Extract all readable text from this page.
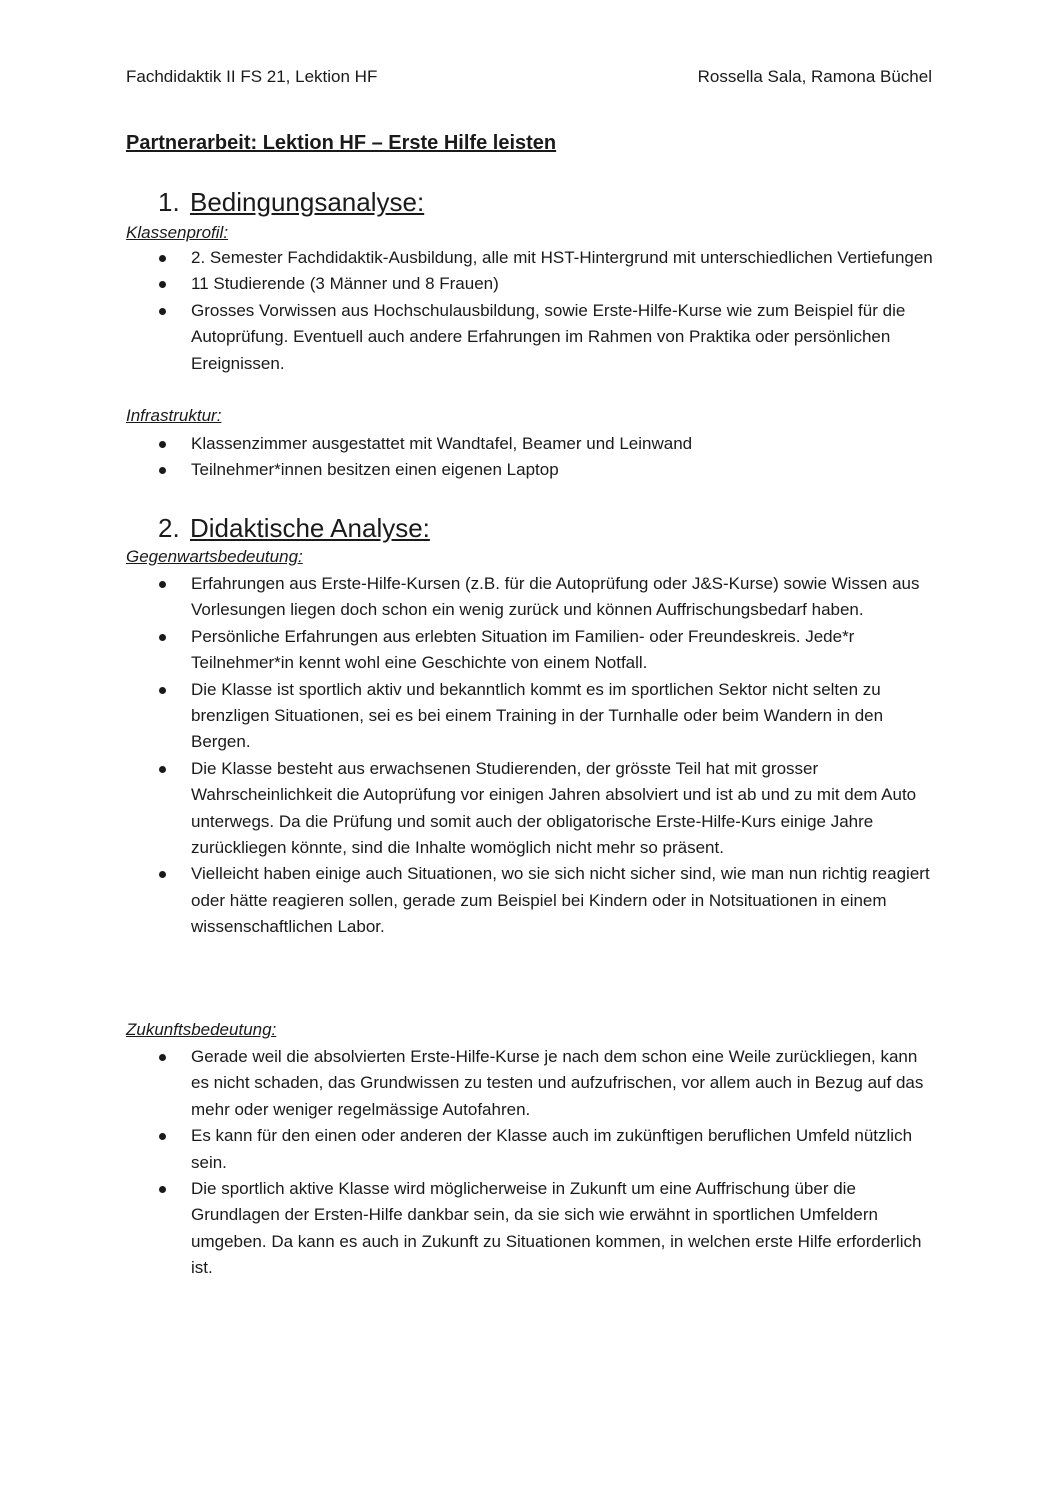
Fachdidaktik II FS 21, Lektion HF	Rossella Sala, Ramona Büchel
Partnerarbeit: Lektion HF – Erste Hilfe leisten
1. Bedingungsanalyse:
Klassenprofil:
2. Semester Fachdidaktik-Ausbildung, alle mit HST-Hintergrund mit unterschiedlichen Vertiefungen
11 Studierende (3 Männer und 8 Frauen)
Grosses Vorwissen aus Hochschulausbildung, sowie Erste-Hilfe-Kurse wie zum Beispiel für die Autoprüfung. Eventuell auch andere Erfahrungen im Rahmen von Praktika oder persönlichen Ereignissen.
Infrastruktur:
Klassenzimmer ausgestattet mit Wandtafel, Beamer und Leinwand
Teilnehmer*innen besitzen einen eigenen Laptop
2. Didaktische Analyse:
Gegenwartsbedeutung:
Erfahrungen aus Erste-Hilfe-Kursen (z.B. für die Autoprüfung oder J&S-Kurse) sowie Wissen aus Vorlesungen liegen doch schon ein wenig zurück und können Auffrischungsbedarf haben.
Persönliche Erfahrungen aus erlebten Situation im Familien- oder Freundeskreis. Jede*r Teilnehmer*in kennt wohl eine Geschichte von einem Notfall.
Die Klasse ist sportlich aktiv und bekanntlich kommt es im sportlichen Sektor nicht selten zu brenzligen Situationen, sei es bei einem Training in der Turnhalle oder beim Wandern in den Bergen.
Die Klasse besteht aus erwachsenen Studierenden, der grösste Teil hat mit grosser Wahrscheinlichkeit die Autoprüfung vor einigen Jahren absolviert und ist ab und zu mit dem Auto unterwegs. Da die Prüfung und somit auch der obligatorische Erste-Hilfe-Kurs einige Jahre zurückliegen könnte, sind die Inhalte womöglich nicht mehr so präsent.
Vielleicht haben einige auch Situationen, wo sie sich nicht sicher sind, wie man nun richtig reagiert oder hätte reagieren sollen, gerade zum Beispiel bei Kindern oder in Notsituationen in einem wissenschaftlichen Labor.
Zukunftsbedeutung:
Gerade weil die absolvierten Erste-Hilfe-Kurse je nach dem schon eine Weile zurückliegen, kann es nicht schaden, das Grundwissen zu testen und aufzufrischen, vor allem auch in Bezug auf das mehr oder weniger regelmässige Autofahren.
Es kann für den einen oder anderen der Klasse auch im zukünftigen beruflichen Umfeld nützlich sein.
Die sportlich aktive Klasse wird möglicherweise in Zukunft um eine Auffrischung über die Grundlagen der Ersten-Hilfe dankbar sein, da sie sich wie erwähnt in sportlichen Umfeldern umgeben. Da kann es auch in Zukunft zu Situationen kommen, in welchen erste Hilfe erforderlich ist.
